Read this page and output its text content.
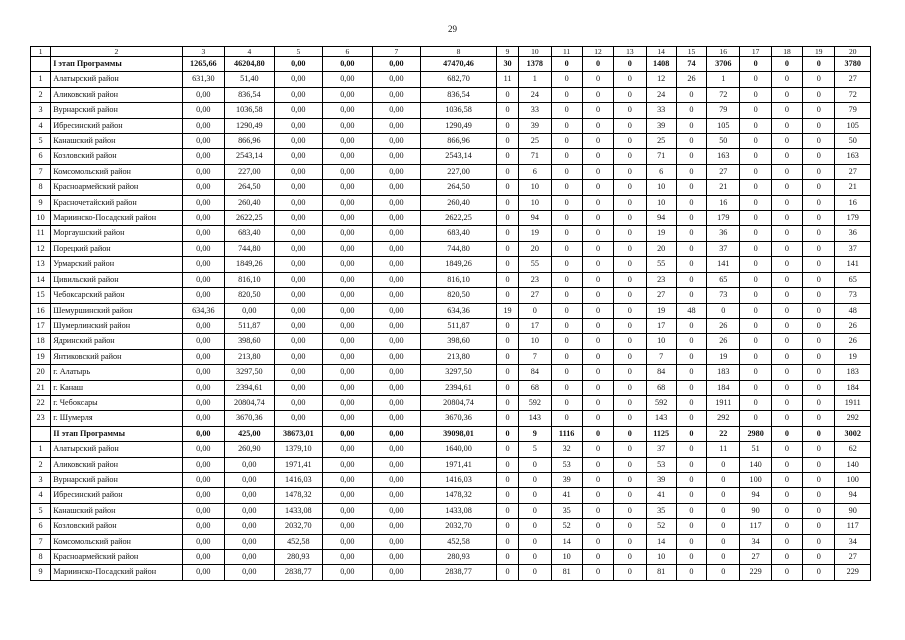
29
1	2	3	4	5	6	7	8	9	10	11	12	13	14	15	16	17	18	19	20
	I этап Программы	1265,66	46204,80	0,00	0,00	0,00	47470,46	30	1378	0	0	0	1408	74	3706	0	0	0	3780
1	Алатырский район	631,30	51,40	0,00	0,00	0,00	682,70	11	1	0	0	0	12	26	1	0	0	0	27
2	Аликовский район	0,00	836,54	0,00	0,00	0,00	836,54	0	24	0	0	0	24	0	72	0	0	0	72
3	Вурнарский район	0,00	1036,58	0,00	0,00	0,00	1036,58	0	33	0	0	0	33	0	79	0	0	0	79
4	Ибресинский район	0,00	1290,49	0,00	0,00	0,00	1290,49	0	39	0	0	0	39	0	105	0	0	0	105
5	Канашский район	0,00	866,96	0,00	0,00	0,00	866,96	0	25	0	0	0	25	0	50	0	0	0	50
6	Козловский район	0,00	2543,14	0,00	0,00	0,00	2543,14	0	71	0	0	0	71	0	163	0	0	0	163
7	Комсомольский район	0,00	227,00	0,00	0,00	0,00	227,00	0	6	0	0	0	6	0	27	0	0	0	27
8	Красноармейский район	0,00	264,50	0,00	0,00	0,00	264,50	0	10	0	0	0	10	0	21	0	0	0	21
9	Красночетайский район	0,00	260,40	0,00	0,00	0,00	260,40	0	10	0	0	0	10	0	16	0	0	0	16
10	Мариинско-Посадский район	0,00	2622,25	0,00	0,00	0,00	2622,25	0	94	0	0	0	94	0	179	0	0	0	179
11	Моргаушский район	0,00	683,40	0,00	0,00	0,00	683,40	0	19	0	0	0	19	0	36	0	0	0	36
12	Порецкий район	0,00	744,80	0,00	0,00	0,00	744,80	0	20	0	0	0	20	0	37	0	0	0	37
13	Урмарский район	0,00	1849,26	0,00	0,00	0,00	1849,26	0	55	0	0	0	55	0	141	0	0	0	141
14	Цивильский район	0,00	816,10	0,00	0,00	0,00	816,10	0	23	0	0	0	23	0	65	0	0	0	65
15	Чебоксарский район	0,00	820,50	0,00	0,00	0,00	820,50	0	27	0	0	0	27	0	73	0	0	0	73
16	Шемуршинский район	634,36	0,00	0,00	0,00	0,00	634,36	19	0	0	0	0	19	48	0	0	0	0	48
17	Шумерлинский район	0,00	511,87	0,00	0,00	0,00	511,87	0	17	0	0	0	17	0	26	0	0	0	26
18	Ядринский район	0,00	398,60	0,00	0,00	0,00	398,60	0	10	0	0	0	10	0	26	0	0	0	26
19	Янтиковский район	0,00	213,80	0,00	0,00	0,00	213,80	0	7	0	0	0	7	0	19	0	0	0	19
20	г. Алатырь	0,00	3297,50	0,00	0,00	0,00	3297,50	0	84	0	0	0	84	0	183	0	0	0	183
21	г. Канаш	0,00	2394,61	0,00	0,00	0,00	2394,61	0	68	0	0	0	68	0	184	0	0	0	184
22	г. Чебоксары	0,00	20804,74	0,00	0,00	0,00	20804,74	0	592	0	0	0	592	0	1911	0	0	0	1911
23	г. Шумерля	0,00	3670,36	0,00	0,00	0,00	3670,36	0	143	0	0	0	143	0	292	0	0	0	292
	II этап Программы	0,00	425,00	38673,01	0,00	0,00	39098,01	0	9	1116	0	0	1125	0	22	2980	0	0	3002
1	Алатырский район	0,00	260,90	1379,10	0,00	0,00	1640,00	0	5	32	0	0	37	0	11	51	0	0	62
2	Аликовский район	0,00	0,00	1971,41	0,00	0,00	1971,41	0	0	53	0	0	53	0	0	140	0	0	140
3	Вурнарский район	0,00	0,00	1416,03	0,00	0,00	1416,03	0	0	39	0	0	39	0	0	100	0	0	100
4	Ибресинский район	0,00	0,00	1478,32	0,00	0,00	1478,32	0	0	41	0	0	41	0	0	94	0	0	94
5	Канашский район	0,00	0,00	1433,08	0,00	0,00	1433,08	0	0	35	0	0	35	0	0	90	0	0	90
6	Козловский район	0,00	0,00	2032,70	0,00	0,00	2032,70	0	0	52	0	0	52	0	0	117	0	0	117
7	Комсомольский район	0,00	0,00	452,58	0,00	0,00	452,58	0	0	14	0	0	14	0	0	34	0	0	34
8	Красноармейский район	0,00	0,00	280,93	0,00	0,00	280,93	0	0	10	0	0	10	0	0	27	0	0	27
9	Мариинско-Посадский район	0,00	0,00	2838,77	0,00	0,00	2838,77	0	0	81	0	0	81	0	0	229	0	0	229
